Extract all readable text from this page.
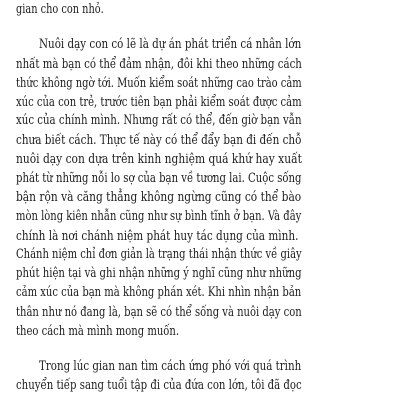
gian cho con nhỏ.

Nuôi dạy con có lẽ là dự án phát triển cá nhân lớn

nhất mà bạn có thể đảm nhận, đôi khi theo những cách

thức không ngờ tới. Muốn kiểm soát những cao trào cảm

xúc của con trẻ, trước tiên bạn phải kiểm soát được cảm

xúc của chính mình. Nhưng rất có thể, đến giờ bạn vẫn

chưa biết cách. Thực tế này có thể đẩy bạn đi đến chỗ

nuôi dạy con dựa trên kinh nghiệm quá khứ hay xuất

phát từ những nỗi lo sợ của bạn về tương lai. Cuộc sống

bận rộn và căng thẳng không ngừng cũng có thể bào

mòn lòng kiên nhẫn cũng như sự bình tĩnh ở bạn. Và đây

chính là nơi chánh niệm phát huy tác dụng của mình.

Chánh niệm chỉ đơn giản là trạng thái nhận thức về giây

phút hiện tại và ghi nhận những ý nghĩ cũng như những

cảm xúc của bạn mà không phán xét. Khi nhìn nhận bản

thân như nó đang là, bạn sẽ có thể sống và nuôi dạy con

theo cách mà mình mong muốn.

Trong lúc gian nan tìm cách ứng phó với quá trình

chuyển tiếp sang tuổi tập đi của đứa con lớn, tôi đã đọc
